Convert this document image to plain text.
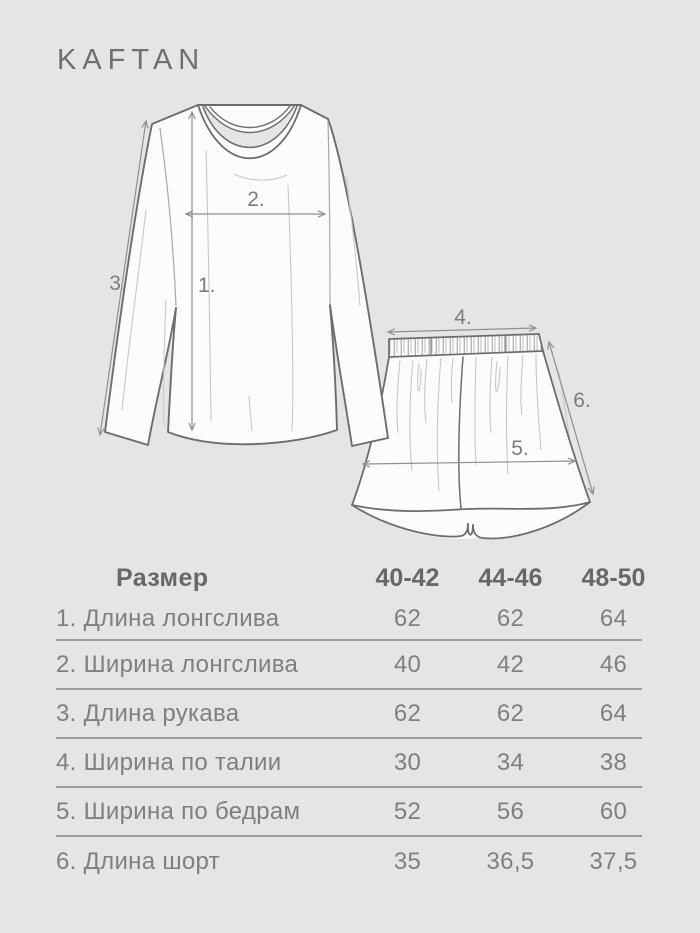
KAFTAN
1.
2.
3.
4.
5.
6.
Размер	40-42	44-46	48-50
1. Длина лонгслива	62	62	64
2. Ширина лонгслива	40	42	46
3. Длина рукава	62	62	64
4. Ширина по талии	30	34	38
5. Ширина по бедрам	52	56	60
6. Длина шорт	35	36,5	37,5
